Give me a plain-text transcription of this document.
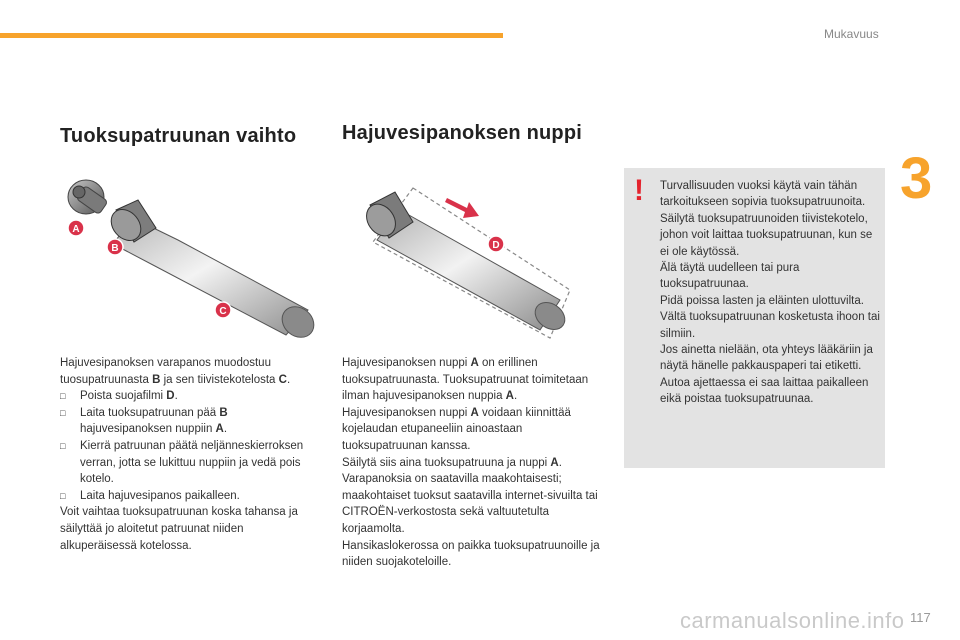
Mukavuus
3
Tuoksupatruunan vaihto
A
B
C

Hajuvesipanoksen varapanos muodostuu tuosupatruunasta B ja sen tiivistekotelosta C.

□ Poista suojafilmi D.

□ Laita tuoksupatruunan pää B hajuvesipanoksen nuppiin A.

□ Kierrä patruunan päätä neljänneskierroksen verran, jotta se lukittuu nuppiin ja vedä pois kotelo.

□ Laita hajuvesipanos paikalleen.

Voit vaihtaa tuoksupatruunan koska tahansa ja säilyttää jo aloitetut patruunat niiden alkuperäisessä kotelossa.

Hajuvesipanoksen nuppi
D

Hajuvesipanoksen nuppi A on erillinen tuoksupatruunasta. Tuoksupatruunat toimitetaan ilman hajuvesipanoksen nuppia A.

Hajuvesipanoksen nuppi A voidaan kiinnittää kojelaudan etupaneeliin ainoastaan tuoksupatruunan kanssa.

Säilytä siis aina tuoksupatruuna ja nuppi A.

Varapanoksia on saatavilla maakohtaisesti; maakohtaiset tuoksut saatavilla internet-sivuilta tai CITROËN-verkostosta sekä valtuutetulta korjaamolta.

Hansikaslokerossa on paikka tuoksupatruunoille ja niiden suojakoteloille.

! Turvallisuuden vuoksi käytä vain tähän tarkoitukseen sopivia tuoksupatruunoita.

Säilytä tuoksupatruunoiden tiivistekotelo, johon voit laittaa tuoksupatruunan, kun se ei ole käytössä.

Älä täytä uudelleen tai pura tuoksupatruunaa.

Pidä poissa lasten ja eläinten ulottuvilta.

Vältä tuoksupatruunan kosketusta ihoon tai silmiin.

Jos ainetta nielään, ota yhteys lääkäriin ja näytä hänelle pakkauspaperi tai etiketti.

Autoa ajettaessa ei saa laittaa paikalleen eikä poistaa tuoksupatruunaa.

carmanualsonline.info 117
